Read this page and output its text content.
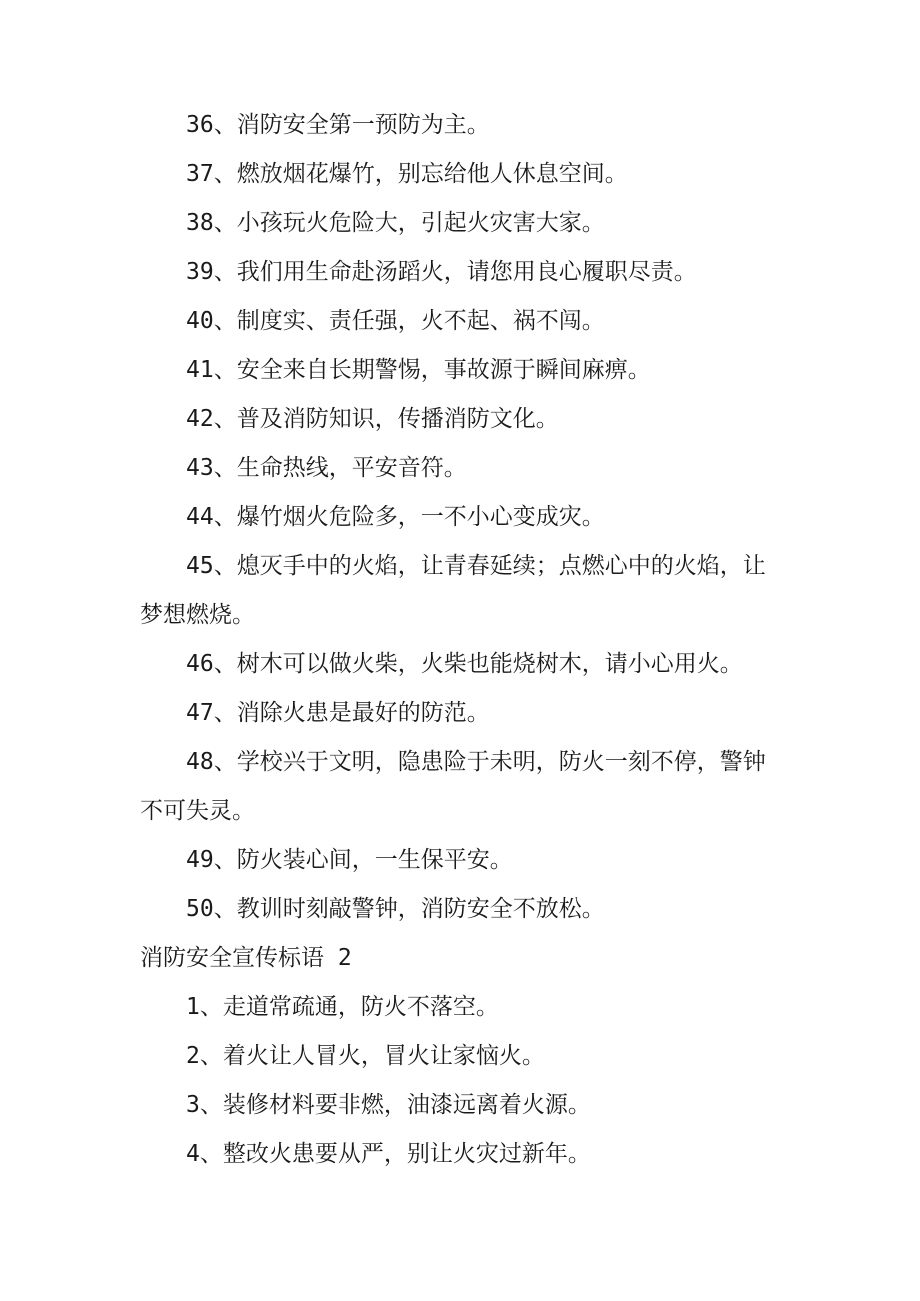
36、消防安全第一预防为主。

37、燃放烟花爆竹，别忘给他人休息空间。

38、小孩玩火危险大，引起火灾害大家。

39、我们用生命赴汤蹈火，请您用良心履职尽责。

40、制度实、责任强，火不起、祸不闯。

41、安全来自长期警惕，事故源于瞬间麻痹。

42、普及消防知识，传播消防文化。

43、生命热线，平安音符。

44、爆竹烟火危险多，一不小心变成灾。

45、熄灭手中的火焰，让青春延续；点燃心中的火焰，让梦想燃烧。

46、树木可以做火柴，火柴也能烧树木，请小心用火。

47、消除火患是最好的防范。

48、学校兴于文明，隐患险于未明，防火一刻不停，警钟不可失灵。

49、防火装心间，一生保平安。

50、教训时刻敲警钟，消防安全不放松。

消防安全宣传标语 2

1、走道常疏通，防火不落空。

2、着火让人冒火，冒火让家恼火。

3、装修材料要非燃，油漆远离着火源。

4、整改火患要从严，别让火灾过新年。
